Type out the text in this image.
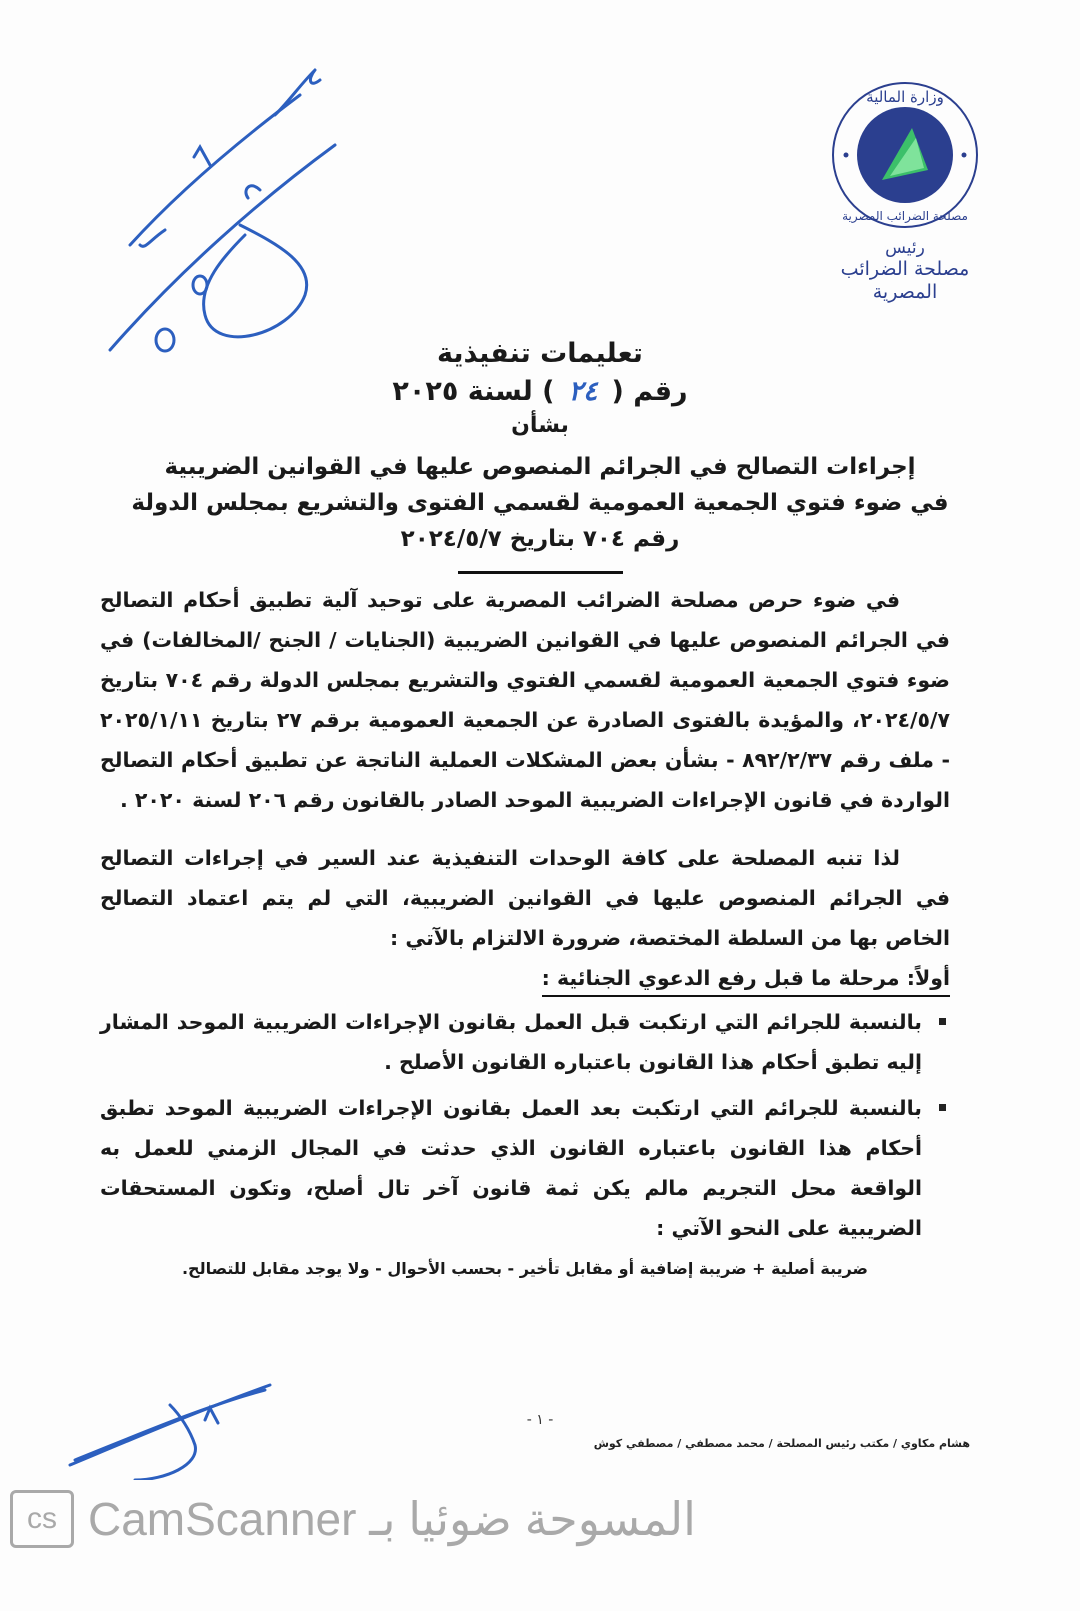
وزارة المالية
مصلحة الضرائب المصرية
رئيس
مصلحة الضرائب المصرية
تعليمات تنفيذية
رقم (٢٤) لسنة ٢٠٢٥
بشأن
إجراءات التصالح في الجرائم المنصوص عليها في القوانين الضريبية
في ضوء فتوي الجمعية العمومية لقسمي الفتوى والتشريع بمجلس الدولة
رقم ٧٠٤ بتاريخ ٢٠٢٤/٥/٧

في ضوء حرص مصلحة الضرائب المصرية على توحيد آلية تطبيق أحكام التصالح في الجرائم المنصوص عليها في القوانين الضريبية (الجنايات / الجنح /المخالفات) في ضوء فتوي الجمعية العمومية لقسمي الفتوي والتشريع بمجلس الدولة رقم ٧٠٤ بتاريخ ٢٠٢٤/٥/٧، والمؤيدة بالفتوى الصادرة عن الجمعية العمومية برقم ٢٧ بتاريخ ٢٠٢٥/١/١١ - ملف رقم ٨٩٢/٢/٣٧ - بشأن بعض المشكلات العملية الناتجة عن تطبيق أحكام التصالح الواردة في قانون الإجراءات الضريبية الموحد الصادر بالقانون رقم ٢٠٦ لسنة ٢٠٢٠ .

لذا تنبه المصلحة على كافة الوحدات التنفيذية عند السير في إجراءات التصالح في الجرائم المنصوص عليها في القوانين الضريبية، التي لم يتم اعتماد التصالح الخاص بها من السلطة المختصة، ضرورة الالتزام بالآتي :

أولاً: مرحلة ما قبل رفع الدعوي الجنائية :

بالنسبة للجرائم التي ارتكبت قبل العمل بقانون الإجراءات الضريبية الموحد المشار إليه تطبق أحكام هذا القانون باعتباره القانون الأصلح .
بالنسبة للجرائم التي ارتكبت بعد العمل بقانون الإجراءات الضريبية الموحد تطبق أحكام هذا القانون باعتباره القانون الذي حدثت في المجال الزمني للعمل به الواقعة محل التجريم مالم يكن ثمة قانون آخر تال أصلح، وتكون المستحقات الضريبية على النحو الآتي :
ضريبة أصلية + ضريبة إضافية أو مقابل تأخير - بحسب الأحوال - ولا يوجد مقابل للتصالح.
- ١ -
هشام مكاوي / مكتب رئيس المصلحة / محمد مصطفي / مصطفي كوش
cs CamScanner المسوحة ضوئيا بـ
